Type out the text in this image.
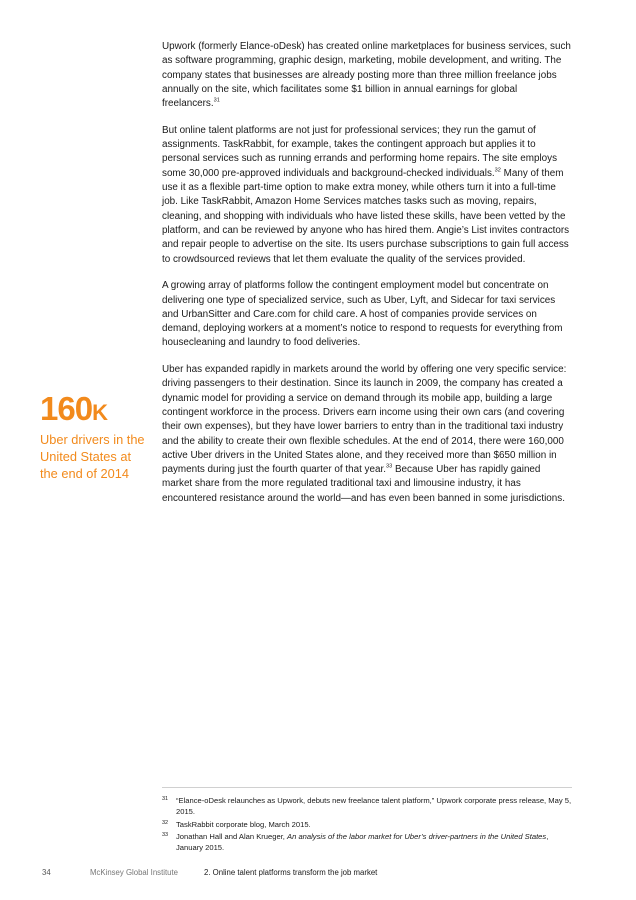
Upwork (formerly Elance-oDesk) has created online marketplaces for business services, such as software programming, graphic design, marketing, mobile development, and writing. The company states that businesses are already posting more than three million freelance jobs annually on the site, which facilitates some $1 billion in annual earnings for global freelancers.$^{31}$

But online talent platforms are not just for professional services; they run the gamut of assignments. TaskRabbit, for example, takes the contingent approach but applies it to personal services such as running errands and performing home repairs. The site employs some 30,000 pre-approved individuals and background-checked individuals.$^{32}$ Many of them use it as a flexible part-time option to make extra money, while others turn it into a full-time job. Like TaskRabbit, Amazon Home Services matches tasks such as moving, repairs, cleaning, and shopping with individuals who have listed these skills, have been vetted by the platform, and can be reviewed by anyone who has hired them. Angie’s List invites contractors and repair people to advertise on the site. Its users purchase subscriptions to gain full access to crowdsourced reviews that let them evaluate the quality of the services provided.

A growing array of platforms follow the contingent employment model but concentrate on delivering one type of specialized service, such as Uber, Lyft, and Sidecar for taxi services and UrbanSitter and Care.com for child care. A host of companies provide services on demand, deploying workers at a moment’s notice to respond to requests for everything from housecleaning and laundry to food deliveries.

Uber has expanded rapidly in markets around the world by offering one very specific service: driving passengers to their destination. Since its launch in 2009, the company has created a dynamic model for providing a service on demand through its mobile app, building a large contingent workforce in the process. Drivers earn income using their own cars (and covering their own expenses), but they have lower barriers to entry than in the traditional taxi industry and the ability to create their own flexible schedules. At the end of 2014, there were 160,000 active Uber drivers in the United States alone, and they received more than $650 million in payments during just the fourth quarter of that year.$^{33}$ Because Uber has rapidly gained market share from the more regulated traditional taxi and limousine industry, it has encountered resistance around the world—and has even been banned in some jurisdictions.

160K
Uber drivers in the United States at the end of 2014
31	“Elance-oDesk relaunches as Upwork, debuts new freelance talent platform,” Upwork corporate press release, May 5, 2015.
32	TaskRabbit corporate blog, March 2015.
33	Jonathan Hall and Alan Krueger, An analysis of the labor market for Uber’s driver-partners in the United States, January 2015.
34	McKinsey Global Institute	2. Online talent platforms transform the job market
